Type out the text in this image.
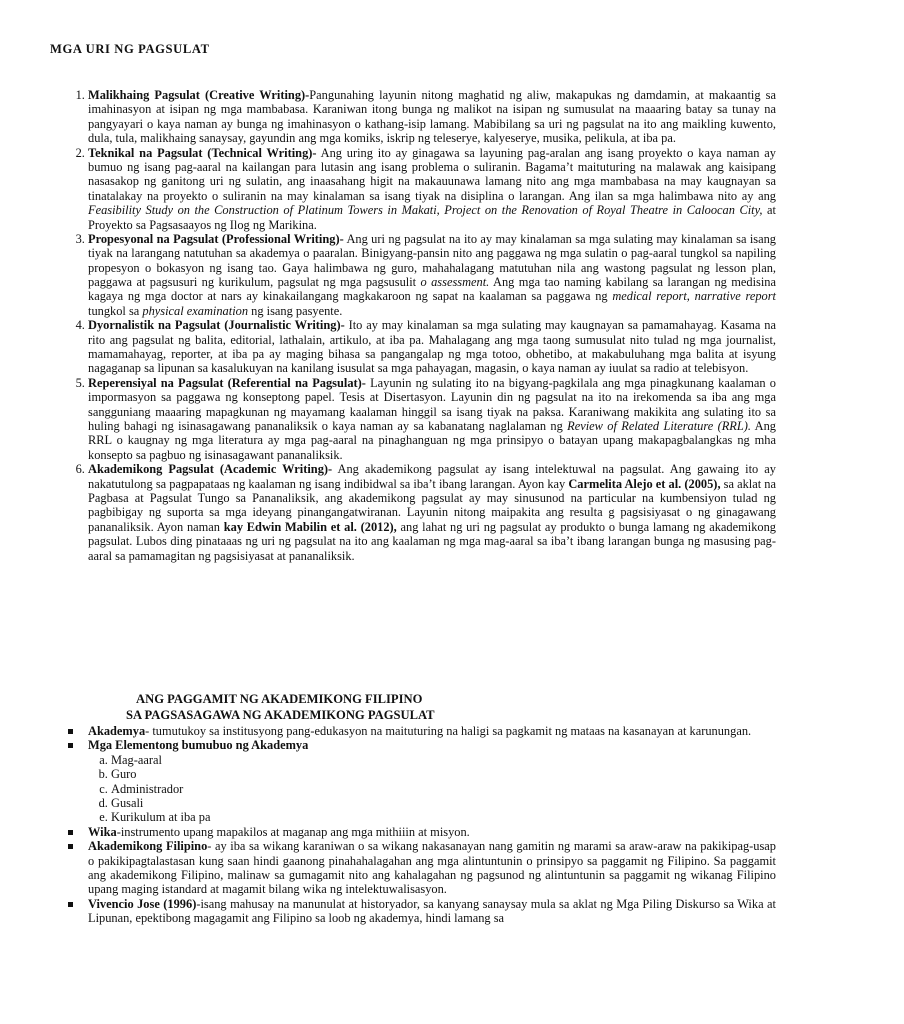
MGA URI NG PAGSULAT
1. Malikhaing Pagsulat (Creative Writing)-Pangunahing layunin nitong maghatid ng aliw, makapukas ng damdamin, at makaantig sa imahinasyon at isipan ng mga mambabasa. Karaniwan itong bunga ng malikot na isipan ng sumusulat na maaaring batay sa tunay na pangyayari o kaya naman ay bunga ng imahinasyon o kathang-isip lamang. Mabibilang sa uri ng pagsulat na ito ang maikling kuwento, dula, tula, malikhaing sanaysay, gayundin ang mga komiks, iskrip ng teleserye, kalyeserye, musika, pelikula, at iba pa.
2. Teknikal na Pagsulat (Technical Writing)- Ang uring ito ay ginagawa sa layuning pag-aralan ang isang proyekto o kaya naman ay bumuo ng isang pag-aaral na kailangan para lutasin ang isang problema o suliranin. Bagama’t maituturing na malawak ang kaisipang nasasakop ng ganitong uri ng sulatin, ang inaasahang higit na makauunawa lamang nito ang mga mambabasa na may kaugnayan sa tinatalakay na proyekto o suliranin na may kinalaman sa isang tiyak na disiplina o larangan. Ang ilan sa mga halimbawa nito ay ang Feasibility Study on the Construction of Platinum Towers in Makati, Project on the Renovation of Royal Theatre in Caloocan City, at Proyekto sa Pagsasaayos ng Ilog ng Marikina.
3. Propesyonal na Pagsulat (Professional Writing)- Ang uri ng pagsulat na ito ay may kinalaman sa mga sulating may kinalaman sa isang tiyak na larangang natutuhan sa akademya o paaralan. Binigyang-pansin nito ang paggawa ng mga sulatin o pag-aaral tungkol sa napiling propesyon o bokasyon ng isang tao. Gaya halimbawa ng guro, mahahalagang matutuhan nila ang wastong pagsulat ng lesson plan, paggawa at pagsusuri ng kurikulum, pagsulat ng mga pagsusulit o assessment. Ang mga tao naming kabilang sa larangan ng medisina kagaya ng mga doctor at nars ay kinakailangang magkakaroon ng sapat na kaalaman sa paggawa ng medical report, narrative report tungkol sa physical examination ng isang pasyente.
4. Dyornalistik na Pagsulat (Journalistic Writing)- Ito ay may kinalaman sa mga sulating may kaugnayan sa pamamahayag. Kasama na rito ang pagsulat ng balita, editorial, lathalain, artikulo, at iba pa. Mahalagang ang mga taong sumusulat nito tulad ng mga journalist, mamamahayag, reporter, at iba pa ay maging bihasa sa pangangalap ng mga totoo, obhetibo, at makabuluhang mga balita at isyung nagaganap sa lipunan sa kasalukuyan na kanilang isusulat sa mga pahayagan, magasin, o kaya naman ay iuulat sa radio at telebisyon.
5. Reperensiyal na Pagsulat (Referential na Pagsulat)- Layunin ng sulating ito na bigyang-pagkilala ang mga pinagkunang kaalaman o impormasyon sa paggawa ng konseptong papel. Tesis at Disertasyon. Layunin din ng pagsulat na ito na irekomenda sa iba ang mga sangguniang maaaring mapagkunan ng mayamang kaalaman hinggil sa isang tiyak na paksa. Karaniwang makikita ang sulating ito sa huling bahagi ng isinasagawang pananaliksik o kaya naman ay sa kabanatang naglalaman ng Review of Related Literature (RRL). Ang RRL o kaugnay ng mga literatura ay mga pag-aaral na pinaghanguan ng mga prinsipyo o batayan upang makapagbalangkas ng mha konsepto sa pagbuo ng isinasagawant pananaliksik.
6. Akademikong Pagsulat (Academic Writing)- Ang akademikong pagsulat ay isang intelektuwal na pagsulat. Ang gawaing ito ay nakatutulong sa pagpapataas ng kaalaman ng isang indibidwal sa iba’t ibang larangan. Ayon kay Carmelita Alejo et al. (2005), sa aklat na Pagbasa at Pagsulat Tungo sa Pananaliksik, ang akademikong pagsulat ay may sinusunod na particular na kumbensiyon tulad ng pagbibigay ng suporta sa mga ideyang pinangangatwiranan. Layunin nitong maipakita ang resulta g pagsisiyasat o ng ginagawang pananaliksik. Ayon naman kay Edwin Mabilin et al. (2012), ang lahat ng uri ng pagsulat ay produkto o bunga lamang ng akademikong pagsulat. Lubos ding pinataaas ng uri ng pagsulat na ito ang kaalaman ng mga mag-aaral sa iba’t ibang larangan bunga ng masusing pag-aaral sa pamamagitan ng pagsisiyasat at pananaliksik.
ANG PAGGAMIT NG AKADEMIKONG FILIPINO
SA PAGSASAGAWA NG AKADEMIKONG PAGSULAT
Akademya- tumutukoy sa institusyong pang-edukasyon na maituturing na haligi sa pagkamit ng mataas na kasanayan at karunungan.
Mga Elementong bumubuo ng Akademya
a. Mag-aaral
b. Guro
c. Administrador
d. Gusali
e. Kurikulum at iba pa
Wika-instrumento upang mapakilos at maganap ang mga mithiiin at misyon.
Akademikong Filipino- ay iba sa wikang karaniwan o sa wikang nakasanayan nang gamitin ng marami sa araw-araw na pakikipag-usap o pakikipagtalastasan kung saan hindi gaanong pinahahalagahan ang mga alintuntunin o prinsipyo sa paggamit ng Filipino. Sa paggamit ang akademikong Filipino, malinaw sa gumagamit nito ang kahalagahan ng pagsunod ng alintuntunin sa paggamit ng wikanag Filipino upang maging istandard at magamit bilang wika ng intelektuwalisasyon.
Vivencio Jose (1996)-isang mahusay na manunulat at historyador, sa kanyang sanaysay mula sa aklat ng Mga Piling Diskurso sa Wika at Lipunan, epektibong magagamit ang Filipino sa loob ng akademya, hindi lamang sa
